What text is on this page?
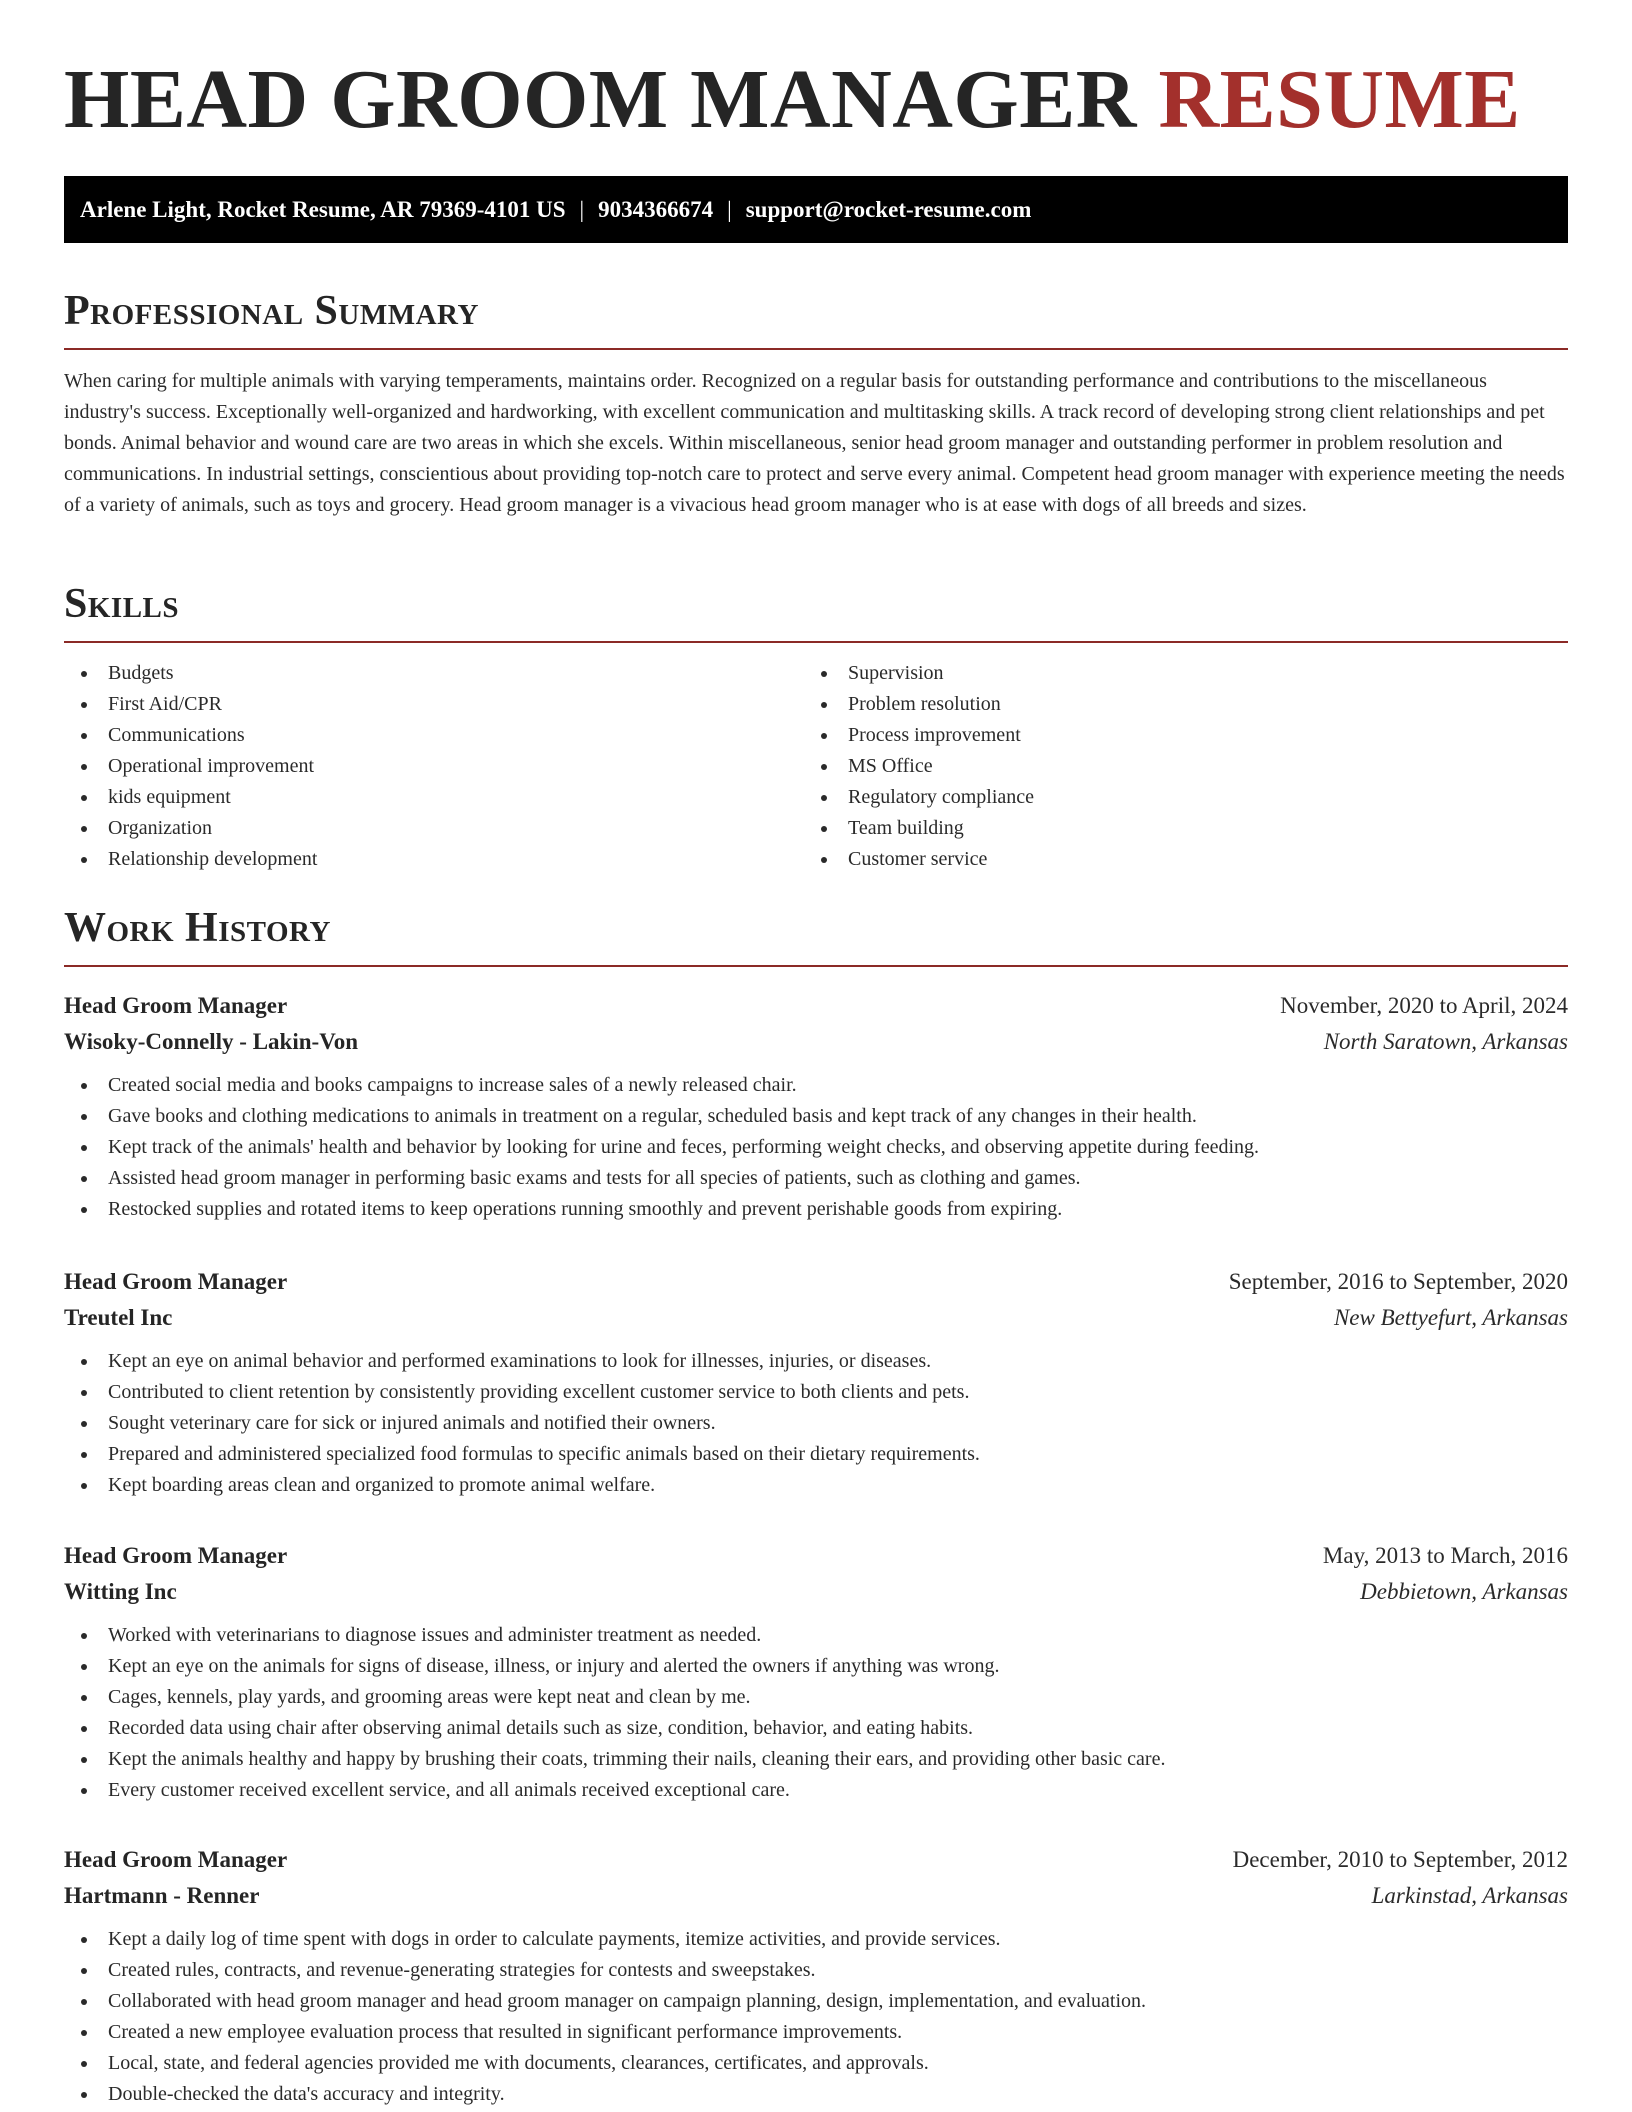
HEAD GROOM MANAGER RESUME
Arlene Light, Rocket Resume, AR 79369-4101 US | 9034366674 | support@rocket-resume.com
Professional Summary

When caring for multiple animals with varying temperaments, maintains order. Recognized on a regular basis for outstanding performance and contributions to the miscellaneous industry's success. Exceptionally well-organized and hardworking, with excellent communication and multitasking skills. A track record of developing strong client relationships and pet bonds. Animal behavior and wound care are two areas in which she excels. Within miscellaneous, senior head groom manager and outstanding performer in problem resolution and communications. In industrial settings, conscientious about providing top-notch care to protect and serve every animal. Competent head groom manager with experience meeting the needs of a variety of animals, such as toys and grocery. Head groom manager is a vivacious head groom manager who is at ease with dogs of all breeds and sizes.

Skills
Budgets
First Aid/CPR
Communications
Operational improvement
kids equipment
Organization
Relationship development
Supervision
Problem resolution
Process improvement
MS Office
Regulatory compliance
Team building
Customer service
Work History
Head Groom Manager	November, 2020 to April, 2024
Wisoky-Connelly - Lakin-Von	North Saratown, Arkansas
Created social media and books campaigns to increase sales of a newly released chair.
Gave books and clothing medications to animals in treatment on a regular, scheduled basis and kept track of any changes in their health.
Kept track of the animals' health and behavior by looking for urine and feces, performing weight checks, and observing appetite during feeding.
Assisted head groom manager in performing basic exams and tests for all species of patients, such as clothing and games.
Restocked supplies and rotated items to keep operations running smoothly and prevent perishable goods from expiring.
Head Groom Manager	September, 2016 to September, 2020
Treutel Inc	New Bettyefurt, Arkansas
Kept an eye on animal behavior and performed examinations to look for illnesses, injuries, or diseases.
Contributed to client retention by consistently providing excellent customer service to both clients and pets.
Sought veterinary care for sick or injured animals and notified their owners.
Prepared and administered specialized food formulas to specific animals based on their dietary requirements.
Kept boarding areas clean and organized to promote animal welfare.
Head Groom Manager	May, 2013 to March, 2016
Witting Inc	Debbietown, Arkansas
Worked with veterinarians to diagnose issues and administer treatment as needed.
Kept an eye on the animals for signs of disease, illness, or injury and alerted the owners if anything was wrong.
Cages, kennels, play yards, and grooming areas were kept neat and clean by me.
Recorded data using chair after observing animal details such as size, condition, behavior, and eating habits.
Kept the animals healthy and happy by brushing their coats, trimming their nails, cleaning their ears, and providing other basic care.
Every customer received excellent service, and all animals received exceptional care.
Head Groom Manager	December, 2010 to September, 2012
Hartmann - Renner	Larkinstad, Arkansas
Kept a daily log of time spent with dogs in order to calculate payments, itemize activities, and provide services.
Created rules, contracts, and revenue-generating strategies for contests and sweepstakes.
Collaborated with head groom manager and head groom manager on campaign planning, design, implementation, and evaluation.
Created a new employee evaluation process that resulted in significant performance improvements.
Local, state, and federal agencies provided me with documents, clearances, certificates, and approvals.
Double-checked the data's accuracy and integrity.
